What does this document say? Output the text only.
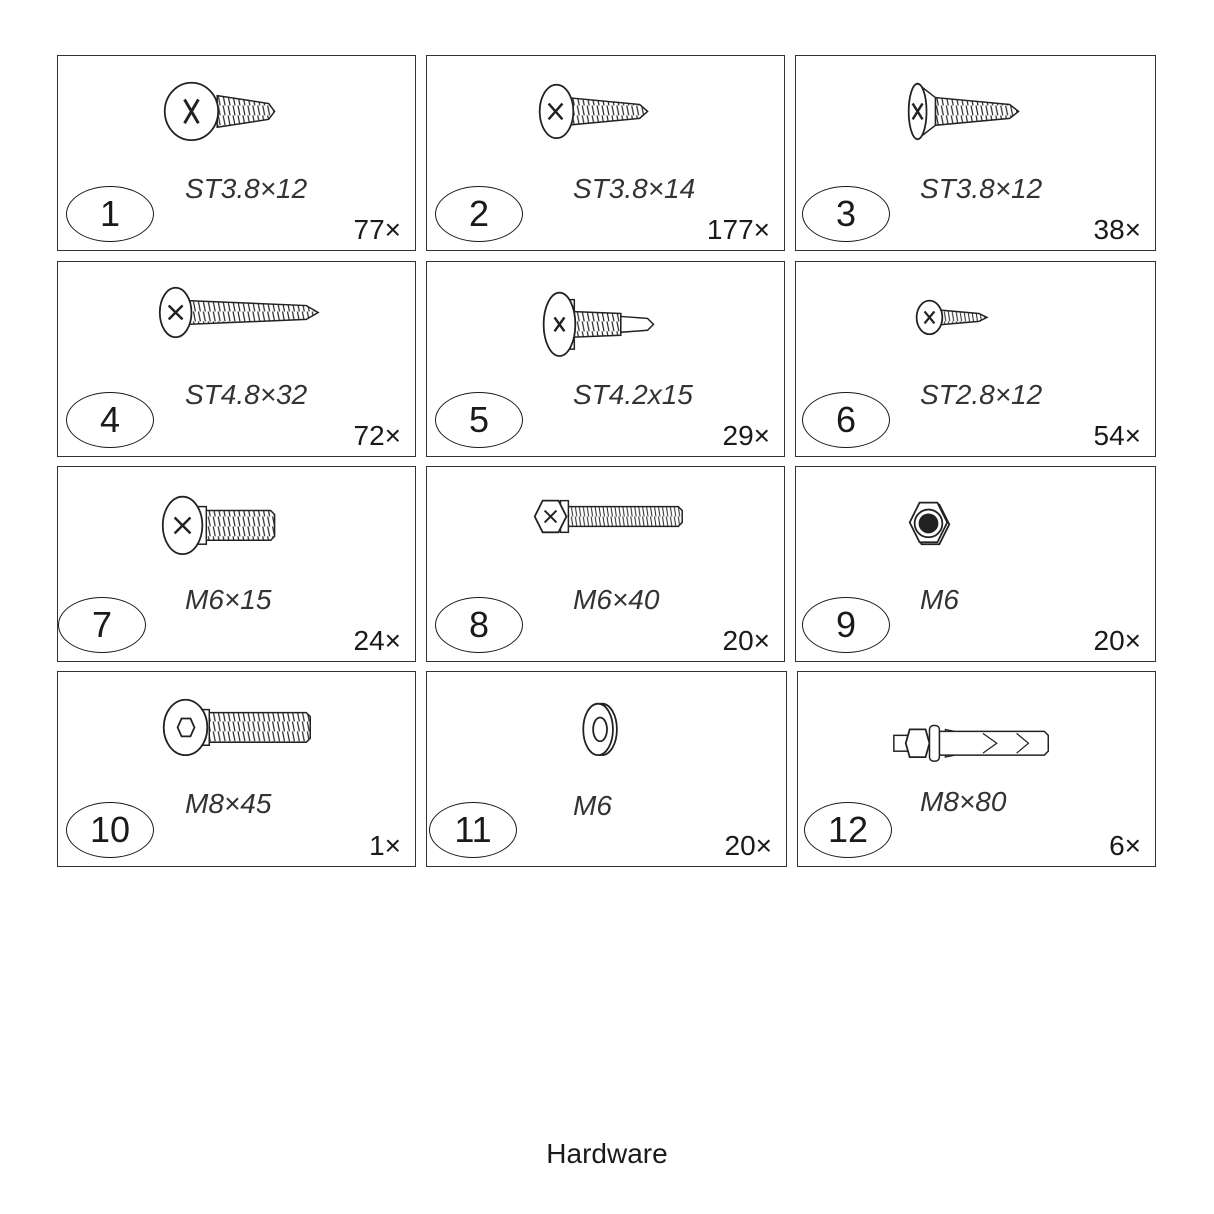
ST3.8×12
1	77×
ST3.8×14
2	177×
ST3.8×12
3	38×
ST4.8×32
4	72×
ST4.2x15
5	29×
ST2.8×12
6	54×
M6×15
7	24×
M6×40
8	20×
M6
9	20×
M8×45
10	1×
M6
11	20×
M8×80
12	6×
Hardware
